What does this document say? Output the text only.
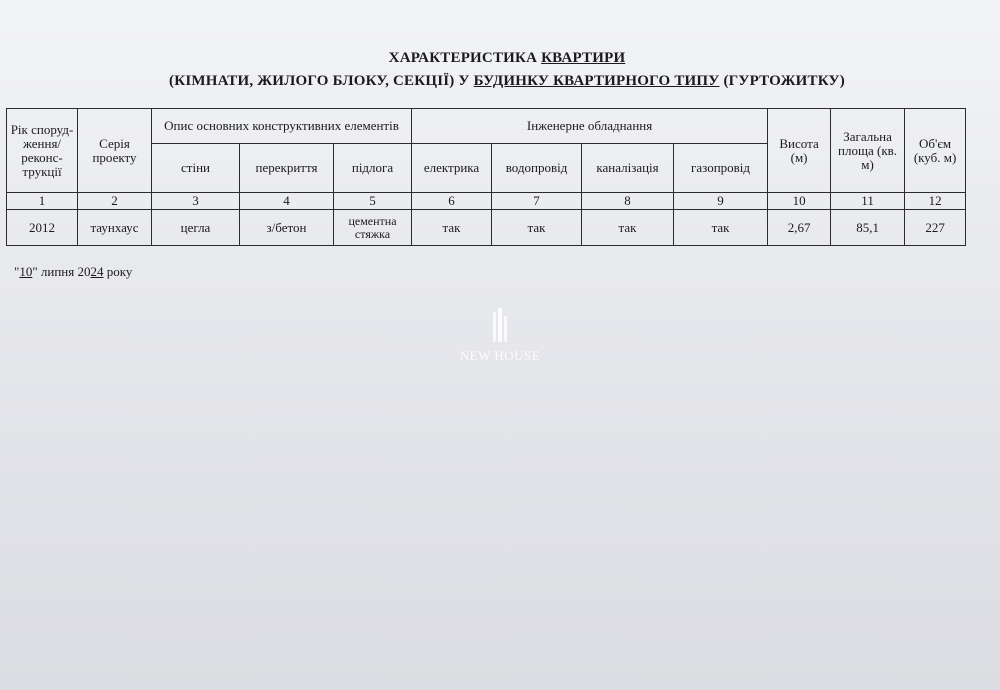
ХАРАКТЕРИСТИКА КВАРТИРИ
(КІМНАТИ, ЖИЛОГО БЛОКУ, СЕКЦІЇ) У БУДИНКУ КВАРТИРНОГО ТИПУ (ГУРТОЖИТКУ)
Рік споруд-ження/ реконс-трукції	Серія проекту	Опис основних конструктивних елементів			Інженерне обладнання				Висота (м)	Загальна площа (кв. м)	Об'єм (куб. м)
		стіни	перекриття	підлога	електрика	водопровід	каналізація	газопровід			
1	2	3	4	5	6	7	8	9	10	11	12
2012	таунхаус	цегла	з/бетон	цементна стяжка	так	так	так	так	2,67	85,1	227
"10" липня 2024 року
NEW HOUSE
